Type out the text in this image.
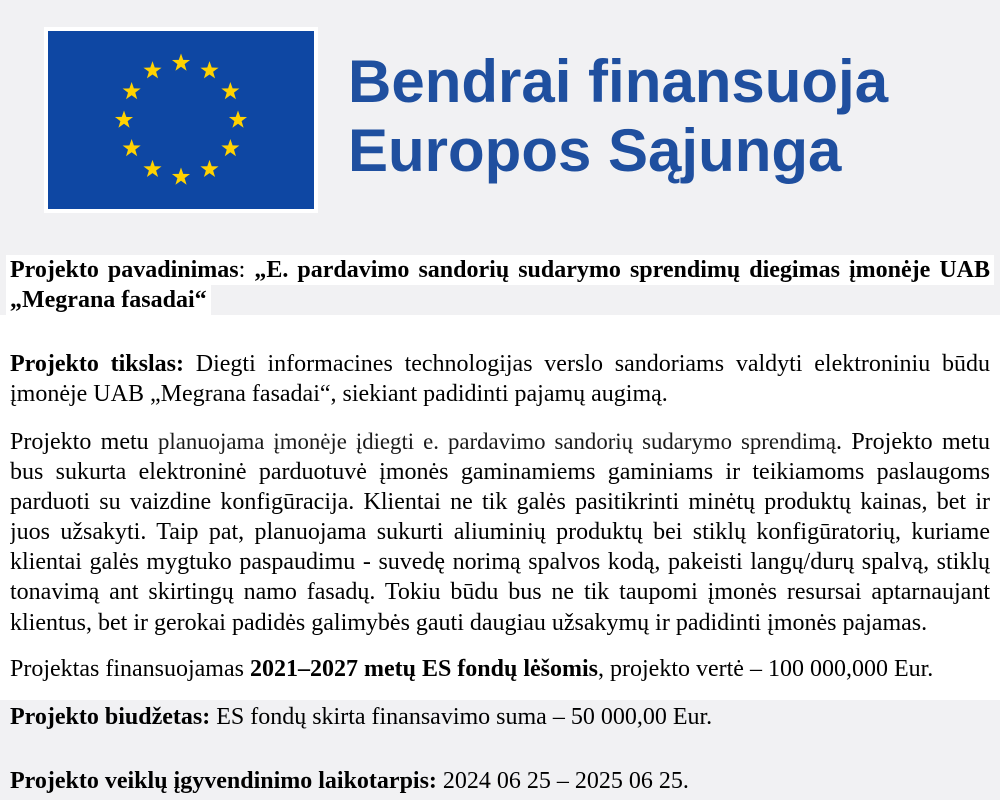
Bendrai finansuoja
Europos Sąjunga
Projekto pavadinimas: „E. pardavimo sandorių sudarymo sprendimų diegimas įmonėje UAB
„Megrana fasadai“
Projekto tikslas: Diegti informacines technologijas verslo sandoriams valdyti elektroniniu būdu
įmonėje UAB „Megrana fasadai“, siekiant padidinti pajamų augimą.
Projekto metu planuojama įmonėje įdiegti e. pardavimo sandorių sudarymo sprendimą. Projekto metu
bus sukurta elektroninė parduotuvė įmonės gaminamiems gaminiams ir teikiamoms paslaugoms
parduoti su vaizdine konfigūracija. Klientai ne tik galės pasitikrinti minėtų produktų kainas, bet ir
juos užsakyti. Taip pat, planuojama sukurti aliuminių produktų bei stiklų konfigūratorių, kuriame
klientai galės mygtuko paspaudimu - suvedę norimą spalvos kodą, pakeisti langų/durų spalvą, stiklų
tonavimą ant skirtingų namo fasadų. Tokiu būdu bus ne tik taupomi įmonės resursai aptarnaujant
klientus, bet ir gerokai padidės galimybės gauti daugiau užsakymų ir padidinti įmonės pajamas.
Projektas finansuojamas 2021–2027 metų ES fondų lėšomis, projekto vertė – 100 000,000 Eur.
Projekto biudžetas: ES fondų skirta finansavimo suma – 50 000,00 Eur.
Projekto veiklų įgyvendinimo laikotarpis: 2024 06 25 – 2025 06 25.
